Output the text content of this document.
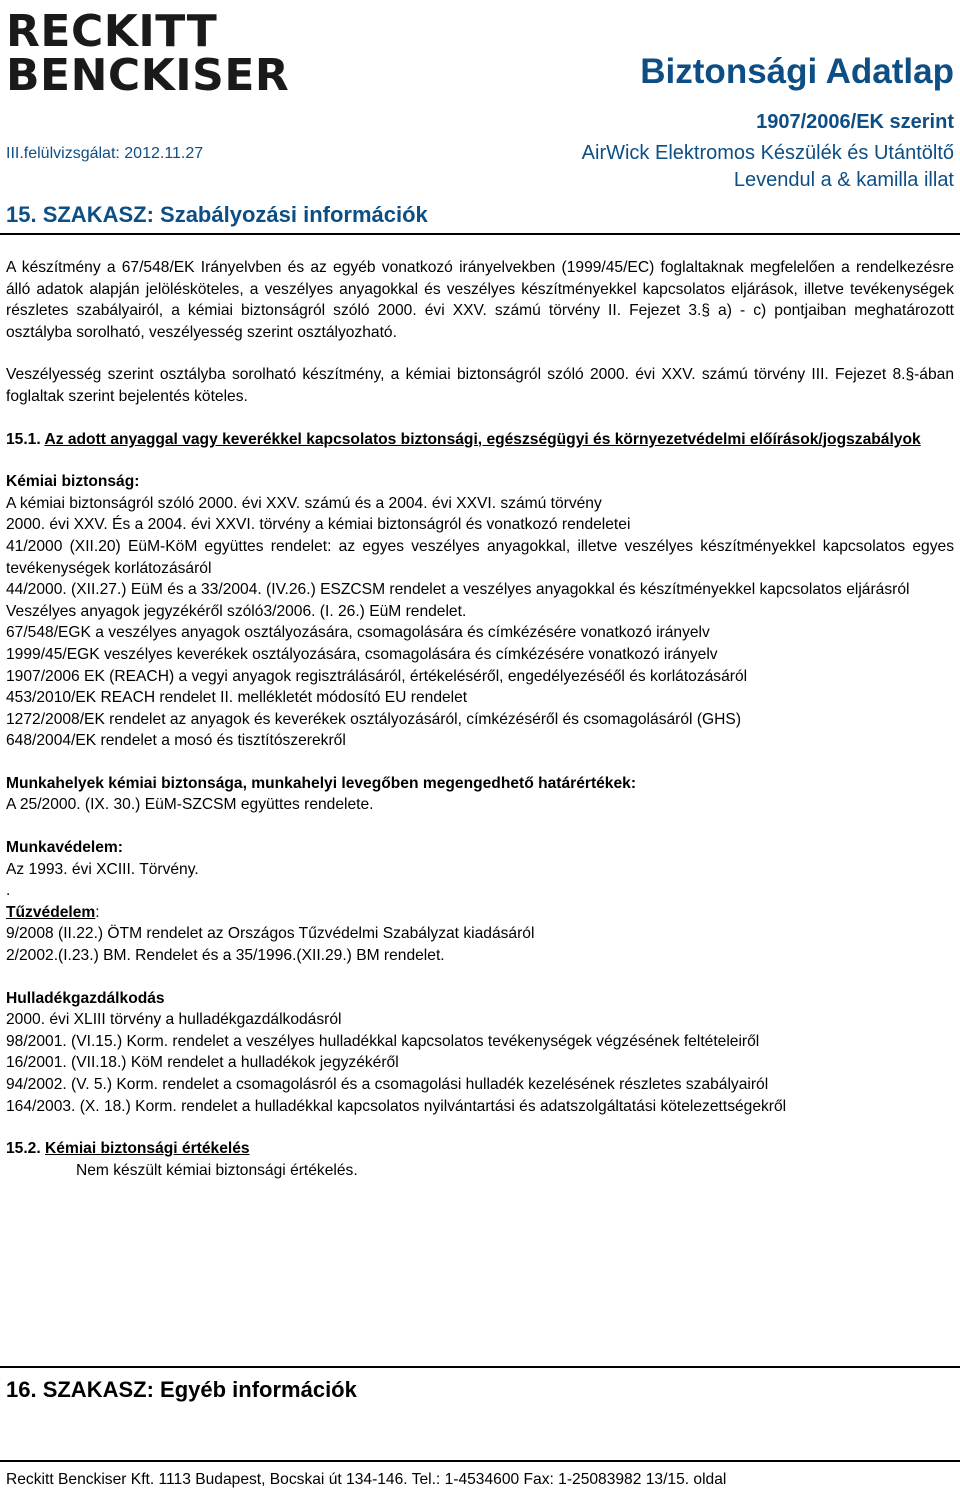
RECKITT
BENCKISER	Biztonsági Adatlap
1907/2006/EK szerint
III.felülvizsgálat: 2012.11.27	AirWick Elektromos Készülék és Utántöltő
Levendul a & kamilla illat
15. SZAKASZ: Szabályozási információk

A készítmény a 67/548/EK Irányelvben és az egyéb vonatkozó irányelvekben (1999/45/EC) foglaltaknak megfelelően a rendelkezésre álló adatok alapján jelölésköteles, a veszélyes anyagokkal és veszélyes készítményekkel kapcsolatos eljárások, illetve tevékenységek részletes szabályairól, a kémiai biztonságról szóló 2000. évi XXV. számú törvény II. Fejezet 3.§ a) - c) pontjaiban meghatározott osztályba sorolható, veszélyesség szerint osztályozható.

Veszélyesség szerint osztályba sorolható készítmény, a kémiai biztonságról szóló 2000. évi XXV. számú törvény III. Fejezet 8.§-ában foglaltak szerint bejelentés köteles.

15.1. Az adott anyaggal vagy keverékkel kapcsolatos biztonsági, egészségügyi és környezetvédelmi előírások/jogszabályok

Kémiai biztonság:

A kémiai biztonságról szóló 2000. évi XXV. számú és a 2004. évi XXVI. számú törvény

2000. évi XXV. És a 2004. évi XXVI. törvény a kémiai biztonságról és vonatkozó rendeletei

41/2000 (XII.20) EüM-KöM együttes rendelet: az egyes veszélyes anyagokkal, illetve veszélyes készítményekkel kapcsolatos egyes tevékenységek korlátozásáról

44/2000. (XII.27.) EüM és a 33/2004. (IV.26.) ESZCSM rendelet a veszélyes anyagokkal és készítményekkel kapcsolatos eljárásról

Veszélyes anyagok jegyzékéről szóló3/2006. (I. 26.) EüM rendelet.

67/548/EGK a veszélyes anyagok osztályozására, csomagolására és címkézésére vonatkozó irányelv

1999/45/EGK veszélyes keverékek osztályozására, csomagolására és címkézésére vonatkozó irányelv

1907/2006 EK (REACH) a vegyi anyagok regisztrálásáról, értékeléséről, engedélyezéséől és korlátozásáról

453/2010/EK REACH rendelet II. mellékletét módosító EU rendelet

1272/2008/EK rendelet az anyagok és keverékek osztályozásáról, címkézéséről és csomagolásáról (GHS)

648/2004/EK rendelet a mosó és tisztítószerekről

Munkahelyek kémiai biztonsága, munkahelyi levegőben megengedhető határértékek:

A 25/2000. (IX. 30.) EüM-SZCSM együttes rendelete.

Munkavédelem:

Az 1993. évi XCIII. Törvény.

.

Tűzvédelem:

9/2008 (II.22.) ÖTM rendelet az Országos Tűzvédelmi Szabályzat kiadásáról

2/2002.(I.23.) BM. Rendelet és a 35/1996.(XII.29.) BM rendelet.

Hulladékgazdálkodás

2000. évi XLIII törvény a hulladékgazdálkodásról

98/2001. (VI.15.) Korm. rendelet a veszélyes hulladékkal kapcsolatos tevékenységek végzésének feltételeiről

16/2001. (VII.18.) KöM rendelet a hulladékok jegyzékéről

94/2002. (V. 5.) Korm. rendelet a csomagolásról és a csomagolási hulladék kezelésének részletes szabályairól

164/2003. (X. 18.) Korm. rendelet a hulladékkal kapcsolatos nyilvántartási és adatszolgáltatási kötelezettségekről

15.2. Kémiai biztonsági értékelés

Nem készült kémiai biztonsági értékelés.

16. SZAKASZ: Egyéb információk
Reckitt Benckiser Kft. 1113 Budapest, Bocskai út 134-146. Tel.: 1-4534600 Fax: 1-25083982 13/15. oldal
